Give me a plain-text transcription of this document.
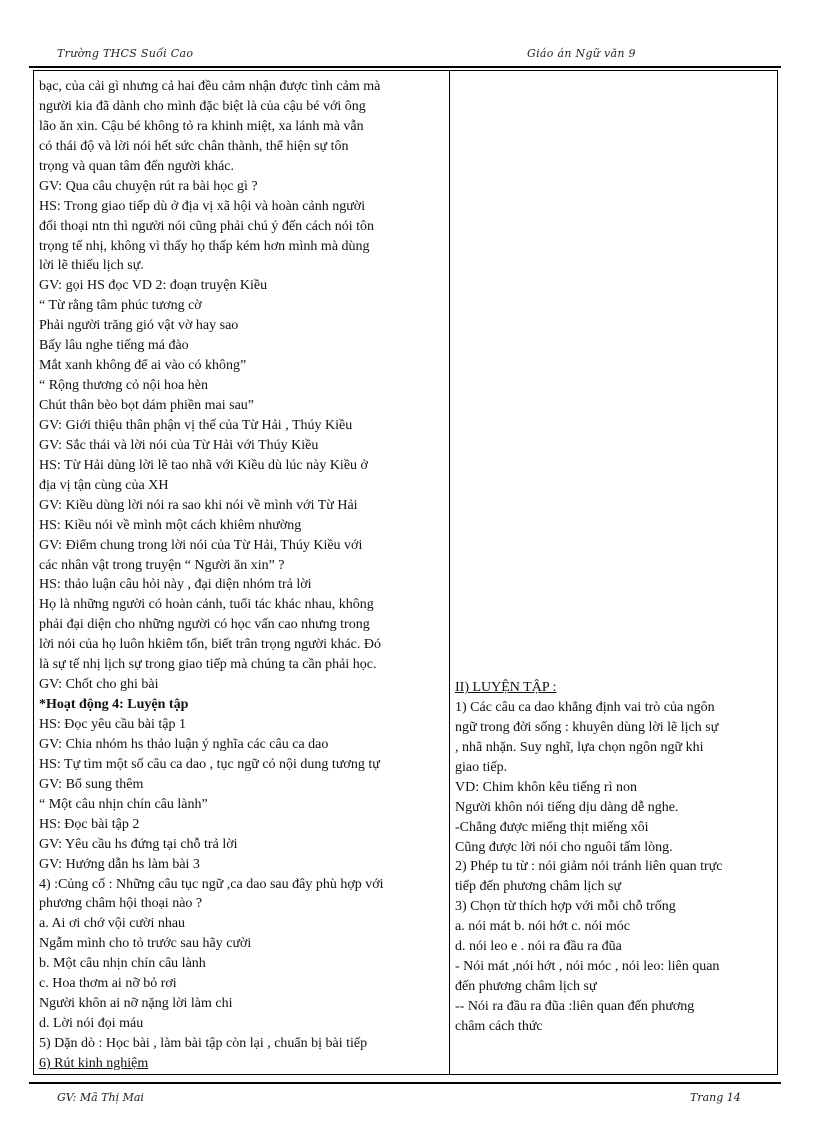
Trường THCS Suối Cao	Giáo án Ngữ văn 9
bạc, của cải gì nhưng cả hai đều cảm nhận được tình cảm mà
người kia đã dành cho mình đặc biệt là của cậu bé với ông
lão ăn xin. Cậu bé không tỏ ra khinh miệt, xa lánh mà vẫn
có thái độ và lời nói hết sức chân thành, thể hiện sự tôn
trọng và quan tâm đến người khác.
GV: Qua câu chuyện rút ra bài học gì ?
HS: Trong giao tiếp dù ở địa vị xã hội và hoàn cảnh người
đối thoại ntn thì người nói cũng phải chú ý đến cách nói tôn
trọng tế nhị, không vì thấy họ thấp kém hơn mình mà dùng
lời lẽ thiếu lịch sự.
GV: gọi HS đọc VD 2: đoạn truyện Kiều
“ Từ rằng tâm phúc tương cờ
Phải người trăng gió vật vờ hay sao
Bấy lâu nghe tiếng má đào
Mắt xanh không để ai vào có không”
“ Rộng thương cỏ nội hoa hèn
Chút thân bèo bọt dám phiền mai sau”
GV: Giới thiệu thân phận vị thế của Từ Hải , Thúy Kiều
GV: Sắc thái và lời nói của Từ Hải với Thúy Kiều
HS: Từ Hải dùng lời lẽ tao nhã với Kiều dù lúc này Kiều ở
địa vị tận cùng của XH
GV: Kiều dùng lời nói ra sao khi nói về mình với Từ Hải
HS: Kiều nói về mình một cách khiêm nhường
GV: Điểm chung trong lời nói của Từ Hải, Thúy Kiều với
các nhân vật trong truyện “ Người ăn xin” ?
HS: thảo luận câu hỏi này , đại diện nhóm trả lời
Họ là những người có hoàn cảnh, tuổi tác khác nhau, không
phải đại diện cho những người có học vấn cao nhưng trong
lời nói của họ luôn hkiêm tốn, biết trân trọng người khác. Đó
là sự tế nhị lịch sự trong giao tiếp mà chúng ta cần phải học.
GV: Chốt cho ghi bài
*Hoạt động 4: Luyện tập
HS: Đọc yêu cầu bài tập 1
GV: Chia nhóm hs thảo luận ý nghĩa các câu ca dao
HS: Tự tìm một số câu ca dao , tục ngữ có nội dung tương tự
GV: Bổ sung thêm
“ Một câu nhịn chín câu lành”
HS: Đọc bài tập 2
GV: Yêu cầu hs đứng tại chỗ trả lời
GV: Hướng dẫn hs làm bài 3
4) :Củng cố : Những câu tục ngữ ,ca dao sau đây phù hợp với
phương châm hội thoại nào ?
a. Ai ơi chớ vội cười nhau
Ngẫm mình cho tỏ trước sau hãy cười
b. Một câu nhịn chín câu lành
c. Hoa thơm ai nỡ bỏ rơi
Người khôn ai nỡ nặng lời làm chi
d. Lời nói đọi máu
5) Dặn dò : Học bài , làm bài tập còn lại , chuẩn bị bài tiếp
6) Rút kinh nghiệm
II) LUYỆN TẬP :
1) Các câu ca dao khẳng định vai trò của ngôn
ngữ trong đời sống : khuyên dùng lời lẽ lịch sự
, nhã nhặn. Suy nghĩ, lựa chọn ngôn ngữ khi
giao tiếp.
VD: Chim khôn kêu tiếng rì non
Người khôn nói tiếng dịu dàng dễ nghe.
-Chẳng được miếng thịt miếng xôi
Cũng được lời nói cho nguôi tấm lòng.
2) Phép tu từ : nói giảm nói tránh liên quan trực
tiếp đến phương châm lịch sự
3) Chọn từ thích hợp với mỗi chỗ trống
a. nói mát b. nói hớt c. nói móc
d. nói leo e . nói ra đầu ra đũa
- Nói mát ,nói hớt , nói móc , nói leo: liên quan
đến phương châm lịch sự
-- Nói ra đầu ra đũa :liên quan đến phương
châm cách thức
GV: Mã Thị Mai	Trang 14
